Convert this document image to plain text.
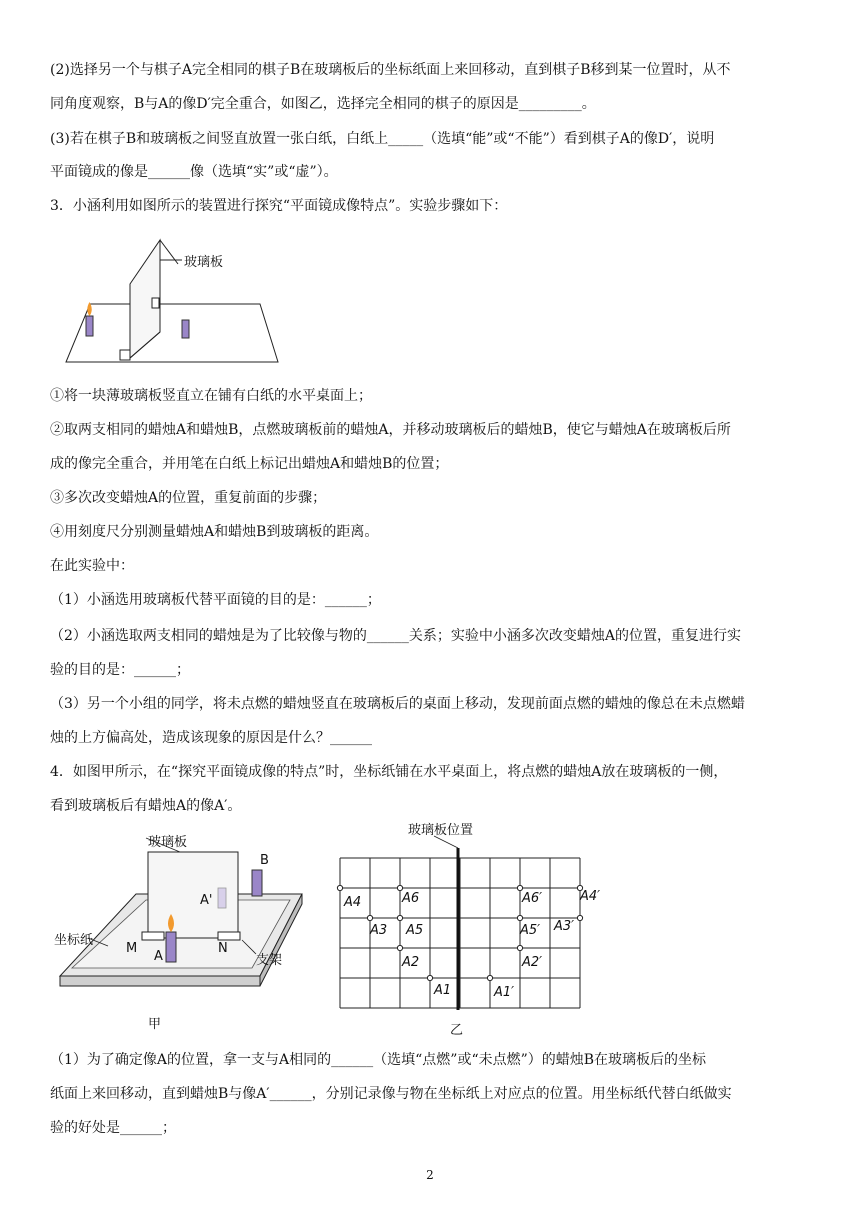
(2)选择另一个与棋子A完全相同的棋子B在玻璃板后的坐标纸面上来回移动，直到棋子B移到某一位置时，从不
同角度观察，B与A的像D′完全重合，如图乙，选择完全相同的棋子的原因是_________。
(3)若在棋子B和玻璃板之间竖直放置一张白纸，白纸上_____（选填“能”或“不能”）看到棋子A的像D′，说明
平面镜成的像是______像（选填“实”或“虚”）。
3．小涵利用如图所示的装置进行探究“平面镜成像特点”。实验步骤如下：
玻璃板
①将一块薄玻璃板竖直立在铺有白纸的水平桌面上；
②取两支相同的蜡烛A和蜡烛B，点燃玻璃板前的蜡烛A，并移动玻璃板后的蜡烛B，使它与蜡烛A在玻璃板后所
成的像完全重合，并用笔在白纸上标记出蜡烛A和蜡烛B的位置；
③多次改变蜡烛A的位置，重复前面的步骤；
④用刻度尺分别测量蜡烛A和蜡烛B到玻璃板的距离。
在此实验中：
（1）小涵选用玻璃板代替平面镜的目的是：______；
（2）小涵选取两支相同的蜡烛是为了比较像与物的______关系；实验中小涵多次改变蜡烛A的位置，重复进行实
验的目的是：______；
（3）另一个小组的同学，将未点燃的蜡烛竖直在玻璃板后的桌面上移动，发现前面点燃的蜡烛的像总在未点燃蜡
烛的上方偏高处，造成该现象的原因是什么？______
4．如图甲所示，在“探究平面镜成像的特点”时，坐标纸铺在水平桌面上，将点燃的蜡烛A放在玻璃板的一侧，
看到玻璃板后有蜡烛A的像A′。
玻璃板
坐标纸
支架
A
A'
B
M	N
甲
玻璃板位置
A4	A6
A3 A5
A2
A1
A6′	A4′
A5′ A3′
A2′
A1′
乙
（1）为了确定像A的位置，拿一支与A相同的______（选填“点燃”或“未点燃”）的蜡烛B在玻璃板后的坐标
纸面上来回移动，直到蜡烛B与像A′______，分别记录像与物在坐标纸上对应点的位置。用坐标纸代替白纸做实
验的好处是______；
2
